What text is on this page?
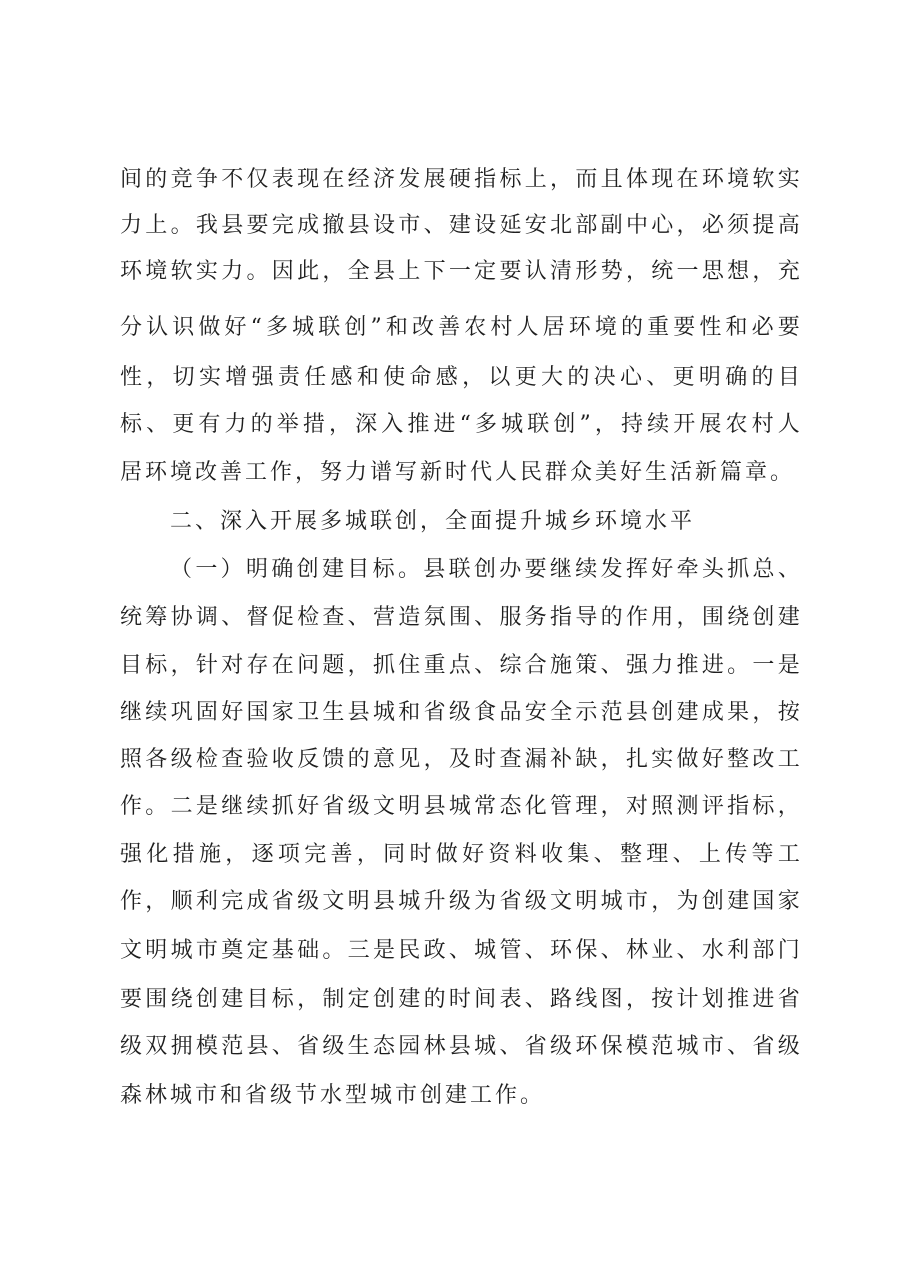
间 的 竞 争 不 仅 表 现 在 经 济 发 展 硬 指 标 上 ， 而 且 体 现 在 环 境 软 实
力 上 。 我 县 要 完 成 撤 县 设 市 、 建 设 延 安 北 部 副 中 心 ， 必 须 提 高
环 境 软 实 力 。 因 此 ， 全 县 上 下 一 定 要 认 清 形 势 ， 统 一 思 想 ， 充
分 认 识 做 好 “ 多 城 联 创 ” 和 改 善 农 村 人 居 环 境 的 重 要 性 和 必 要
性 ， 切 实 增 强 责 任 感 和 使 命 感 ， 以 更 大 的 决 心 、 更 明 确 的 目
标 、 更 有 力 的 举 措 ， 深 入 推 进 “ 多 城 联 创 ” ， 持 续 开 展 农 村 人
居环境改善工作，努力谱写新时代人民群众美好生活新篇章。
二、深入开展多城联创，全面提升城乡环境水平
（ 一 ） 明 确 创 建 目 标 。 县 联 创 办 要 继 续 发 挥 好 牵 头 抓 总 、
统 筹 协 调 、 督 促 检 查 、 营 造 氛 围 、 服 务 指 导 的 作 用 ， 围 绕 创 建
目 标 ， 针 对 存 在 问 题 ， 抓 住 重 点 、 综 合 施 策 、 强 力 推 进 。 一 是
继 续 巩 固 好 国 家 卫 生 县 城 和 省 级 食 品 安 全 示 范 县 创 建 成 果 ， 按
照 各 级 检 查 验 收 反 馈 的 意 见 ， 及 时 查 漏 补 缺 ， 扎 实 做 好 整 改 工
作 。 二 是 继 续 抓 好 省 级 文 明 县 城 常 态 化 管 理 ， 对 照 测 评 指 标 ，
强 化 措 施 ， 逐 项 完 善 ， 同 时 做 好 资 料 收 集 、 整 理 、 上 传 等 工
作 ， 顺 利 完 成 省 级 文 明 县 城 升 级 为 省 级 文 明 城 市 ， 为 创 建 国 家
文 明 城 市 奠 定 基 础 。 三 是 民 政 、 城 管 、 环 保 、 林 业 、 水 利 部 门
要 围 绕 创 建 目 标 ， 制 定 创 建 的 时 间 表 、 路 线 图 ， 按 计 划 推 进 省
级 双 拥 模 范 县 、 省 级 生 态 园 林 县 城 、 省 级 环 保 模 范 城 市 、 省 级
森林城市和省级节水型城市创建工作。
